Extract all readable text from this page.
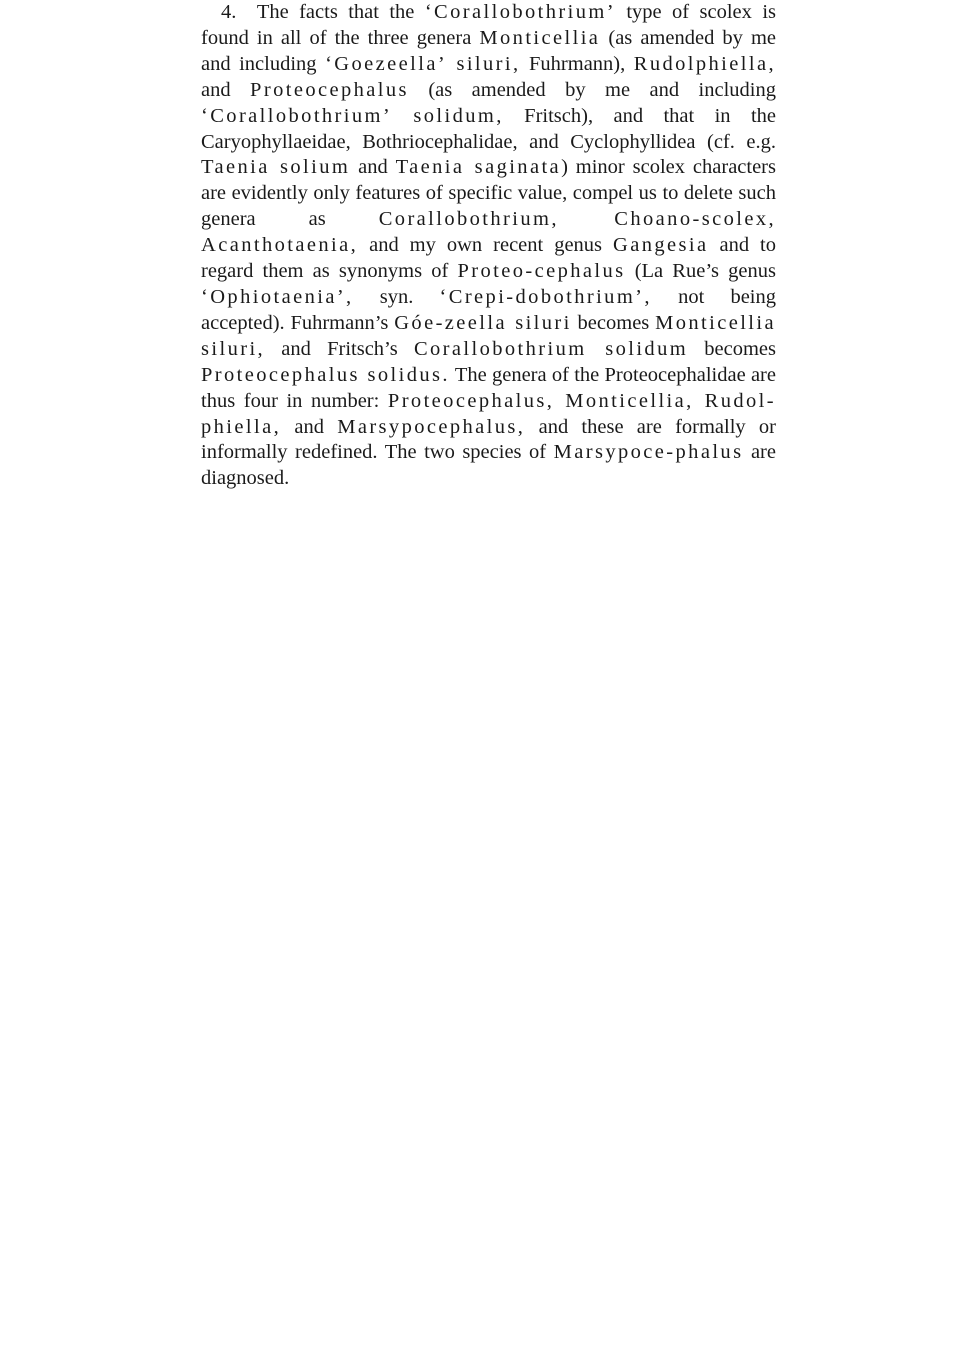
4. The facts that the ‘Corallobothrium’ type of scolex is found in all of the three genera Monticellia (as amended by me and including ‘Goezeella’ siluri, Fuhrmann), Rudolphiella, and Proteocephalus (as amended by me and including ‘Corallobothrium’ solidum, Fritsch), and that in the Caryophyllaeidae, Bothriocephalidae, and Cyclophyllidea (cf. e.g. Taenia solium and Taenia saginata) minor scolex characters are evidently only features of specific value, compel us to delete such genera as Corallobothrium, Choano-scolex, Acanthotaenia, and my own recent genus Gangesia and to regard them as synonyms of Proteo-cephalus (La Rue’s genus ‘Ophiotaenia’, syn. ‘Crepi-dobothrium’, not being accepted). Fuhrmann’s Góe-zeella siluri becomes Monticellia siluri, and Fritsch’s Corallobothrium solidum becomes Proteocephalus solidus. The genera of the Proteocephalidae are thus four in number: Proteocephalus, Monticellia, Rudol-phiella, and Marsypocephalus, and these are formally or informally redefined. The two species of Marsypoce-phalus are diagnosed.
